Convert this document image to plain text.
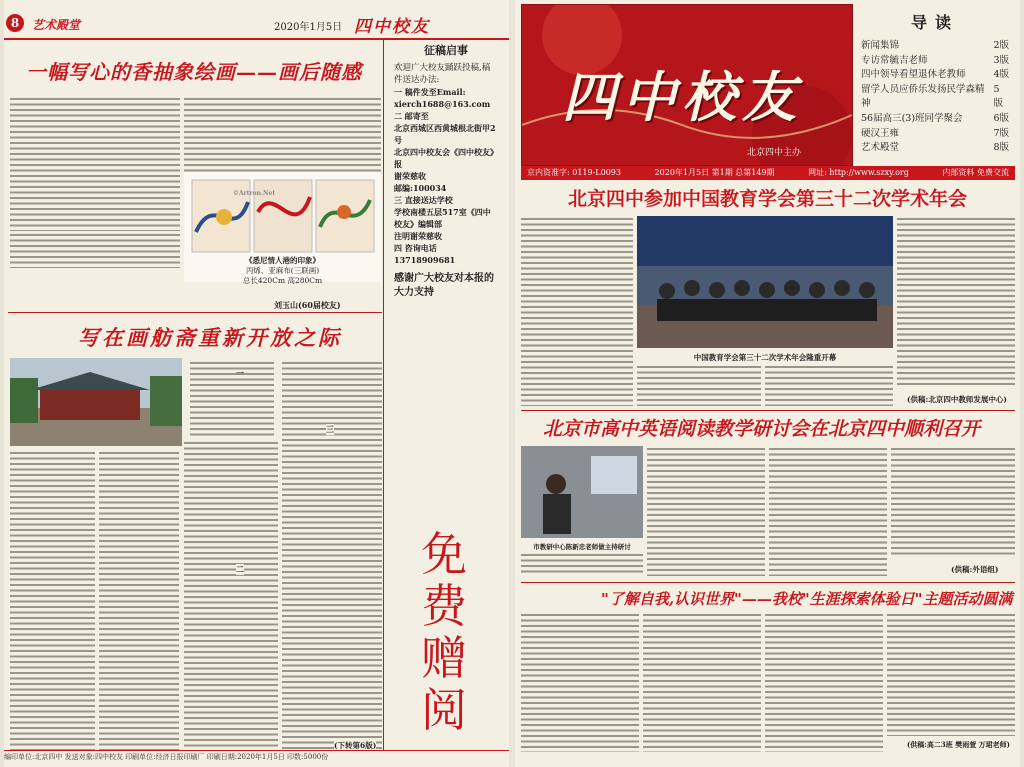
8	艺术殿堂	2020年1月5日 四中校友
一幅写心的香抽象绘画——画后随感
©Artron.Net
《悉尼情人港的印象》
丙烯、亚麻布(三联画)
总长420Cm 高280Cm
刘玉山(60届校友)
写在画舫斋重新开放之际
一
二
三
(下转第6版)
征稿启事
欢迎广大校友踊跃投稿,稿件送达办法:
一 稿件发至Email:
xierch1688@163.com
二 邮寄至
北京西城区西黄城根北街甲2号
北京四中校友会《四中校友》报
谢荣慈收
邮编:100034
三 直接送达学校
学校南楼五层517室《四中校友》编辑部
注明谢荣慈收
四 咨询电话
13718909681
感谢广大校友对本报的大力支持
免费赠阅
编印单位:北京四中 发送对象:四中校友 印刷单位:经济日报印刷厂 印刷日期:2020年1月5日 印数:5000份
四中校友
北京四中主办
导读
新闻集锦	2版
专访常毓吉老师	3版
四中领导看望退休老教师	4版
留学人员应侨乐发扬民学森精神
5版
56届高三(3)班同学聚会	6版
硬汉王雍	7版
艺术殿堂	8版
京内资准字: 0119-L0093	2020年1月5日 第1期 总第149期	网址: http://www.szxy.org	内部资料 免费交流
北京四中参加中国教育学会第三十二次学术年会
中国教育学会第三十二次学术年会隆重开幕
(供稿:北京四中教师发展中心)
北京市高中英语阅读教学研讨会在北京四中顺利召开
市教研中心陈新忠老师做主持研讨
(供稿:外语组)
"了解自我,认识世界"——我校"生涯探索体验日"主题活动圆满
(供稿:高二3班 樊雨萱 万珺老师)
